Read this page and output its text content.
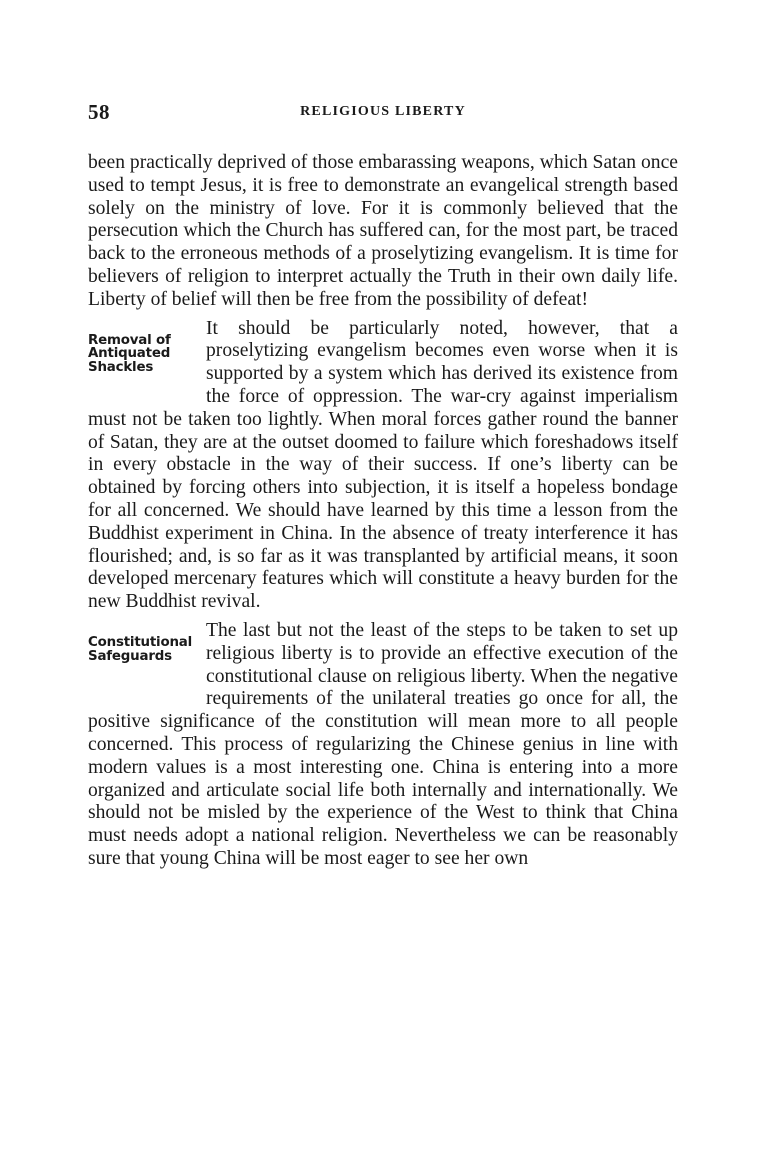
58	RELIGIOUS LIBERTY

been practically deprived of those embarassing weapons, which Satan once used to tempt Jesus, it is free to demonstrate an evangelical strength based solely on the ministry of love. For it is commonly believed that the persecution which the Church has suffered can, for the most part, be traced back to the erroneous methods of a proselytizing evangelism. It is time for believers of religion to interpret actually the Truth in their own daily life. Liberty of belief will then be free from the possibility of defeat!

Removal of
Antiquated
Shackles

It should be particularly noted, however, that a proselytizing evangelism becomes even worse when it is supported by a system which has derived its existence from the force of oppression. The war-cry against imperialism must not be taken too lightly. When moral forces gather round the banner of Satan, they are at the outset doomed to failure which foreshadows itself in every obstacle in the way of their success. If one’s liberty can be obtained by forcing others into subjection, it is itself a hopeless bondage for all concerned. We should have learned by this time a lesson from the Buddhist experiment in China. In the absence of treaty interference it has flourished; and, is so far as it was transplanted by artificial means, it soon developed mercenary features which will constitute a heavy burden for the new Buddhist revival.

Constitutional
Safeguards

The last but not the least of the steps to be taken to set up religious liberty is to provide an effective execution of the constitutional clause on religious liberty. When the negative requirements of the unilateral treaties go once for all, the positive significance of the constitution will mean more to all people concerned. This process of regularizing the Chinese genius in line with modern values is a most interesting one. China is entering into a more organized and articulate social life both internally and internationally. We should not be misled by the experience of the West to think that China must needs adopt a national religion. Nevertheless we can be reasonably sure that young China will be most eager to see her own
